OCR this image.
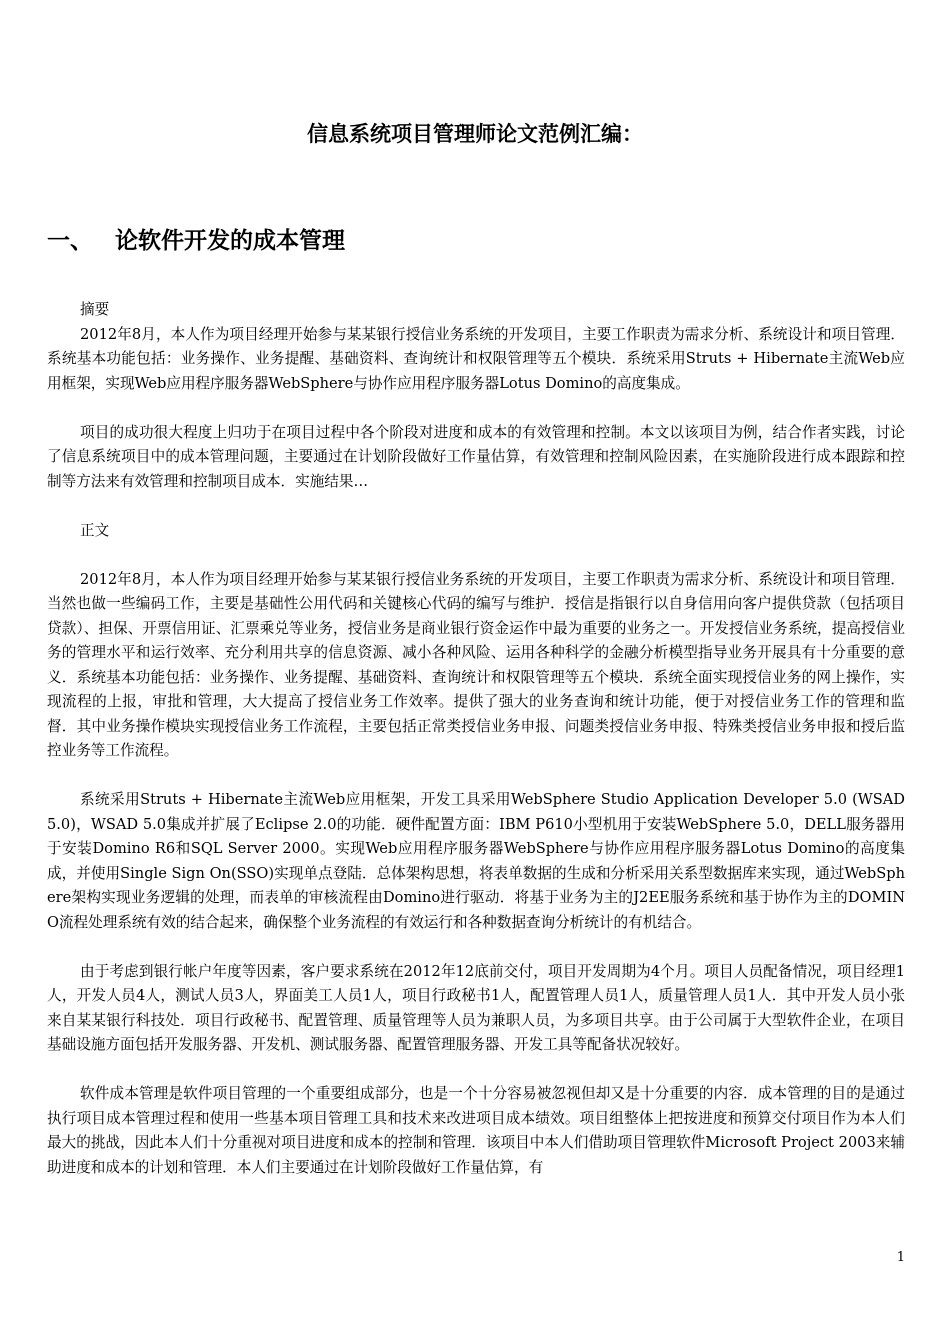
信息系统项目管理师论文范例汇编：
一、 论软件开发的成本管理

摘要

2012年8月，本人作为项目经理开始参与某某银行授信业务系统的开发项目，主要工作职责为需求分析、系统设计和项目管理．系统基本功能包括：业务操作、业务提醒、基础资料、查询统计和权限管理等五个模块．系统采用Struts + Hibernate主流Web应用框架，实现Web应用程序服务器WebSphere与协作应用程序服务器Lotus Domino的高度集成。

项目的成功很大程度上归功于在项目过程中各个阶段对进度和成本的有效管理和控制。本文以该项目为例，结合作者实践，讨论了信息系统项目中的成本管理问题，主要通过在计划阶段做好工作量估算，有效管理和控制风险因素，在实施阶段进行成本跟踪和控制等方法来有效管理和控制项目成本．实施结果…

正文

2012年8月，本人作为项目经理开始参与某某银行授信业务系统的开发项目，主要工作职责为需求分析、系统设计和项目管理．当然也做一些编码工作，主要是基础性公用代码和关键核心代码的编写与维护．授信是指银行以自身信用向客户提供贷款（包括项目贷款）、担保、开票信用证、汇票乘兑等业务，授信业务是商业银行资金运作中最为重要的业务之一。开发授信业务系统，提高授信业务的管理水平和运行效率、充分利用共享的信息资源、减小各种风险、运用各种科学的金融分析模型指导业务开展具有十分重要的意义．系统基本功能包括：业务操作、业务提醒、基础资料、查询统计和权限管理等五个模块．系统全面实现授信业务的网上操作，实现流程的上报，审批和管理，大大提高了授信业务工作效率。提供了强大的业务查询和统计功能，便于对授信业务工作的管理和监督．其中业务操作模块实现授信业务工作流程，主要包括正常类授信业务申报、问题类授信业务申报、特殊类授信业务申报和授后监控业务等工作流程。

系统采用Struts + Hibernate主流Web应用框架，开发工具采用WebSphere Studio Application Developer 5.0 (WSAD 5.0)，WSAD 5.0集成并扩展了Eclipse 2.0的功能．硬件配置方面：IBM P610小型机用于安装WebSphere 5.0，DELL服务器用于安装Domino R6和SQL Server 2000。实现Web应用程序服务器WebSphere与协作应用程序服务器Lotus Domino的高度集成，并使用Single Sign On(SSO)实现单点登陆．总体架构思想，将表单数据的生成和分析采用关系型数据库来实现，通过WebSphere架构实现业务逻辑的处理，而表单的审核流程由Domino进行驱动．将基于业务为主的J2EE服务系统和基于协作为主的DOMINO流程处理系统有效的结合起来，确保整个业务流程的有效运行和各种数据查询分析统计的有机结合。

由于考虑到银行帐户年度等因素，客户要求系统在2012年12底前交付，项目开发周期为4个月。项目人员配备情况，项目经理1人，开发人员4人，测试人员3人，界面美工人员1人，项目行政秘书1人，配置管理人员1人，质量管理人员1人．其中开发人员小张来自某某银行科技处．项目行政秘书、配置管理、质量管理等人员为兼职人员，为多项目共享。由于公司属于大型软件企业，在项目基础设施方面包括开发服务器、开发机、测试服务器、配置管理服务器、开发工具等配备状况较好。

软件成本管理是软件项目管理的一个重要组成部分，也是一个十分容易被忽视但却又是十分重要的内容．成本管理的目的是通过执行项目成本管理过程和使用一些基本项目管理工具和技术来改进项目成本绩效。项目组整体上把按进度和预算交付项目作为本人们最大的挑战，因此本人们十分重视对项目进度和成本的控制和管理．该项目中本人们借助项目管理软件Microsoft Project 2003来辅助进度和成本的计划和管理．本人们主要通过在计划阶段做好工作量估算，有

1
